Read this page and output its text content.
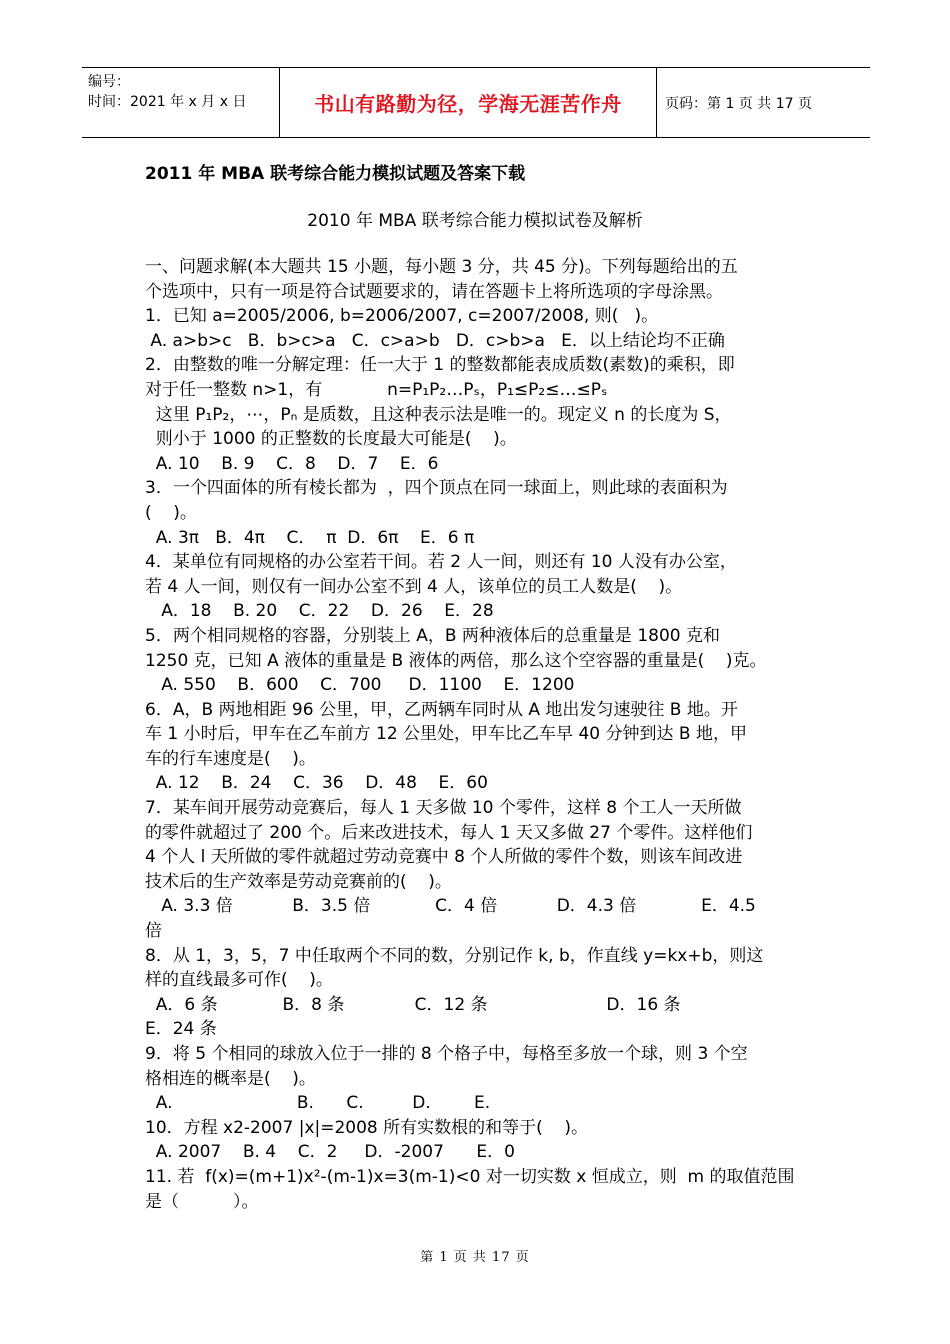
编号：
时间：2021 年 x 月 x 日	书山有路勤为径，学海无涯苦作舟	页码：第 1 页 共 17 页
2011 年 MBA 联考综合能力模拟试题及答案下载
2010 年 MBA 联考综合能力模拟试卷及解析
一、问题求解(本大题共 15 小题，每小题 3 分，共 45 分)。下列每题给出的五
个选项中，只有一项是符合试题要求的，请在答题卡上将所选项的字母涂黑。
1．已知 a=2005/2006, b=2006/2007, c=2007/2008, 则(   )。
A. a>b>c   B．b>c>a   C．c>a>b   D．c>b>a   E．以上结论均不正确
2．由整数的唯一分解定理：任一大于 1 的整数都能表成质数(素数)的乘积，即
对于任一整数 n>1，有            n=P₁P₂…Pₛ，P₁≤P₂≤…≤Pₛ
这里 P₁P₂，⋯，Pₙ 是质数，且这种表示法是唯一的。现定义 n 的长度为 S，
则小于 1000 的正整数的长度最大可能是(    )。
A. 10    B. 9    C．8    D．7    E．6
3．一个四面体的所有棱长都为  ，四个顶点在同一球面上，则此球的表面积为
(    )。
A. 3π   B．4π    C．  π  D．6π    E．6 π
4．某单位有同规格的办公室若干间。若 2 人一间，则还有 10 人没有办公室，
若 4 人一间，则仅有一间办公室不到 4 人，该单位的员工人数是(    )。
A．18    B. 20    C．22    D．26    E．28
5．两个相同规格的容器，分别装上 A，B 两种液体后的总重量是 1800 克和
1250 克，已知 A 液体的重量是 B 液体的两倍，那么这个空容器的重量是(    )克。
A. 550    B．600    C．700     D．1100    E．1200
6．A，B 两地相距 96 公里，甲，乙两辆车同时从 A 地出发匀速驶往 B 地。开
车 1 小时后，甲车在乙车前方 12 公里处，甲车比乙车早 40 分钟到达 B 地，甲
车的行车速度是(    )。
A. 12    B．24    C．36    D．48    E．60
7．某车间开展劳动竞赛后，每人 1 天多做 10 个零件，这样 8 个工人一天所做
的零件就超过了 200 个。后来改进技术，每人 1 天又多做 27 个零件。这样他们
4 个人 l 天所做的零件就超过劳动竞赛中 8 个人所做的零件个数，则该车间改进
技术后的生产效率是劳动竞赛前的(    )。
A. 3.3 倍           B．3.5 倍            C．4 倍           D．4.3 倍            E．4.5
倍
8．从 1，3，5，7 中任取两个不同的数，分别记作 k, b，作直线 y=kx+b，则这
样的直线最多可作(    )。
A．6 条            B．8 条             C．12 条                      D．16 条
E．24 条
9．将 5 个相同的球放入位于一排的 8 个格子中，每格至多放一个球，则 3 个空
格相连的概率是(    )。
A.                       B.      C.         D.        E.
10．方程 x2-2007 |x|=2008 所有实数根的和等于(    )。
A. 2007    B. 4    C．2     D．-2007      E．0
11. 若  f(x)=(m+1)x²-(m-1)x=3(m-1)<0 对一切实数 x 恒成立，则  m 的取值范围
是（          ）。
第 1 页 共 17 页
